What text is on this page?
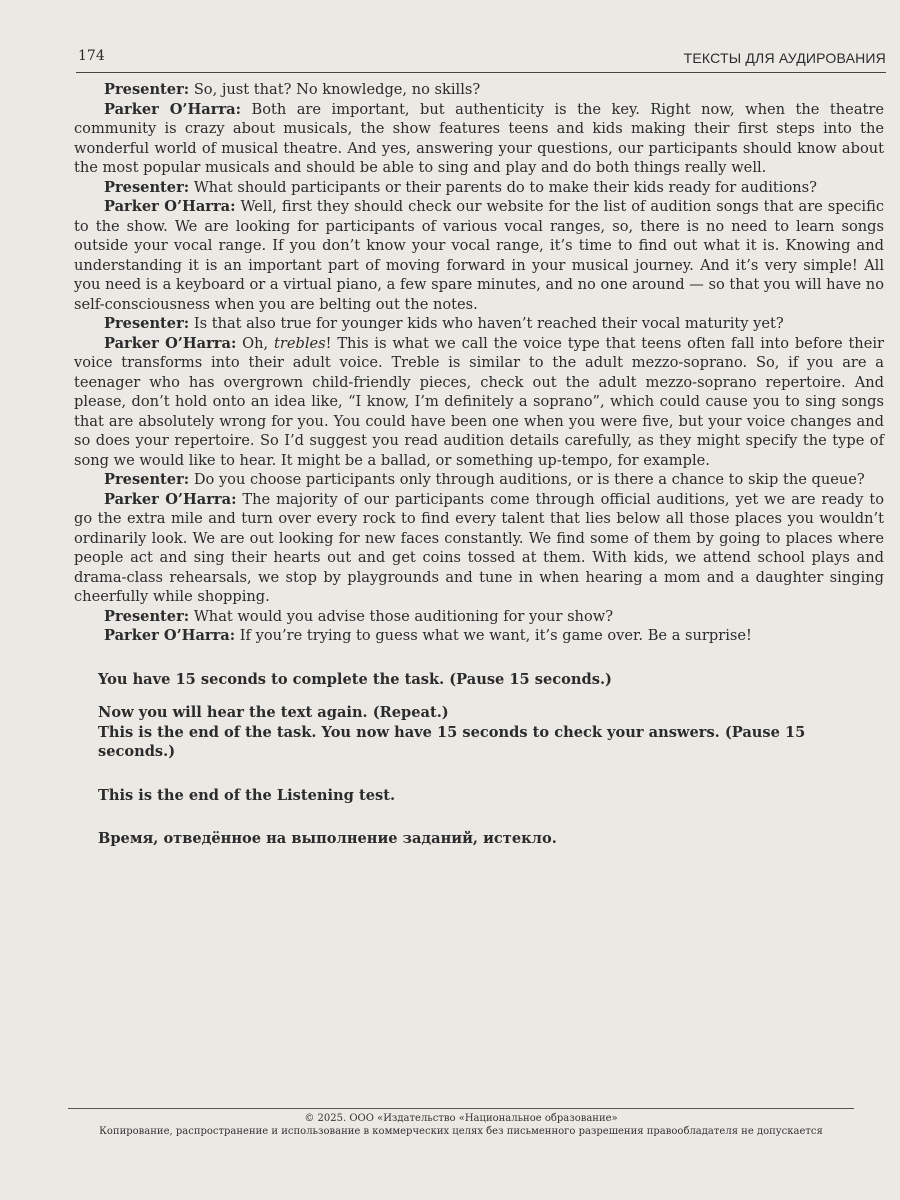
174	ТЕКСТЫ ДЛЯ АУДИРОВАНИЯ

Presenter: So, just that? No knowledge, no skills?

Parker O’Harra: Both are important, but authenticity is the key. Right now, when the theatre community is crazy about musicals, the show features teens and kids making their first steps into the wonderful world of musical theatre. And yes, answering your questions, our participants should know about the most popular musicals and should be able to sing and play and do both things really well.

Presenter: What should participants or their parents do to make their kids ready for auditions?

Parker O’Harra: Well, first they should check our website for the list of audition songs that are specific to the show. We are looking for participants of various vocal ranges, so, there is no need to learn songs outside your vocal range. If you don’t know your vocal range, it’s time to find out what it is. Knowing and understanding it is an important part of moving forward in your musical journey. And it’s very simple! All you need is a keyboard or a virtual piano, a few spare minutes, and no one around — so that you will have no self-consciousness when you are belting out the notes.

Presenter: Is that also true for younger kids who haven’t reached their vocal maturity yet?

Parker O’Harra: Oh, trebles! This is what we call the voice type that teens often fall into before their voice transforms into their adult voice. Treble is similar to the adult mezzo-soprano. So, if you are a teenager who has overgrown child-friendly pieces, check out the adult mezzo-soprano repertoire. And please, don’t hold onto an idea like, “I know, I’m definitely a soprano”, which could cause you to sing songs that are absolutely wrong for you. You could have been one when you were five, but your voice changes and so does your repertoire. So I’d suggest you read audition details carefully, as they might specify the type of song we would like to hear. It might be a ballad, or something up-tempo, for example.

Presenter: Do you choose participants only through auditions, or is there a chance to skip the queue?

Parker O’Harra: The majority of our participants come through official auditions, yet we are ready to go the extra mile and turn over every rock to find every talent that lies below all those places you wouldn’t ordinarily look. We are out looking for new faces constantly. We find some of them by going to places where people act and sing their hearts out and get coins tossed at them. With kids, we attend school plays and drama-class rehearsals, we stop by playgrounds and tune in when hearing a mom and a daughter singing cheerfully while shopping.

Presenter: What would you advise those auditioning for your show?

Parker O’Harra: If you’re trying to guess what we want, it’s game over. Be a surprise!

You have 15 seconds to complete the task. (Pause 15 seconds.)

Now you will hear the text again. (Repeat.)

This is the end of the task. You now have 15 seconds to check your answers. (Pause 15 seconds.)

This is the end of the Listening test.

Время, отведённое на выполнение заданий, истекло.

© 2025. ООО «Издательство «Национальное образование»
Копирование, распространение и использование в коммерческих целях без письменного разрешения правообладателя не допускается
